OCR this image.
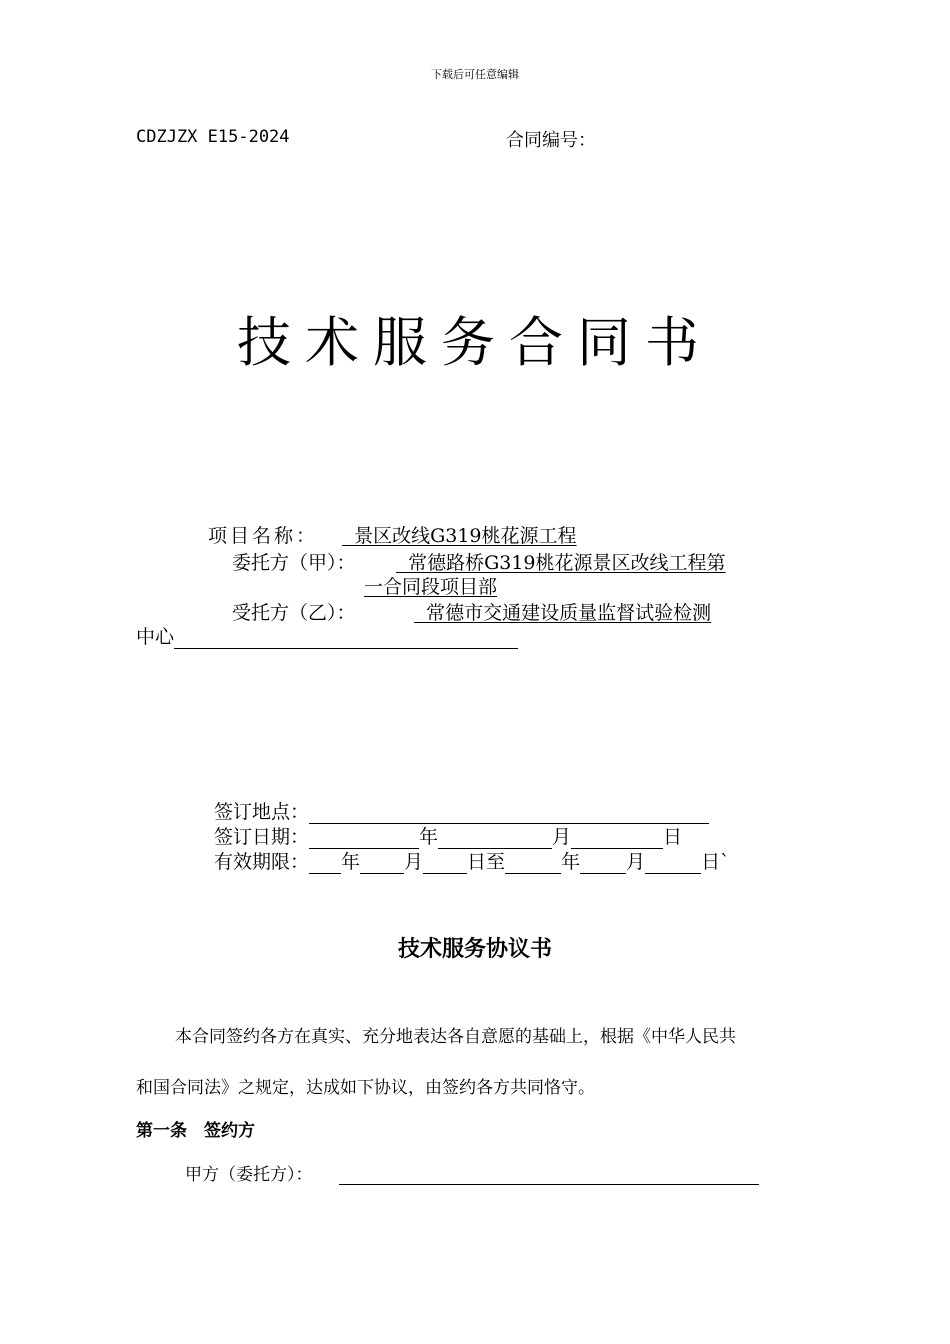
下载后可任意编辑
CDZJZX E15-2024	合同编号：
技术服务合同书
项目名称： 景区改线G319桃花源工程
委托方（甲）： 常德路桥G319桃花源景区改线工程第
一合同段项目部
受托方（乙）：	常德市交通建设质量监督试验检测
中心
签订地点：
签订日期：	年	月	日
有效期限： 年 月 日至	年 月	日`
技术服务协议书
本合同签约各方在真实、充分地表达各自意愿的基础上，根据《中华人民共
和国合同法》之规定，达成如下协议，由签约各方共同恪守。
第一条　签约方
甲方（委托方）：
